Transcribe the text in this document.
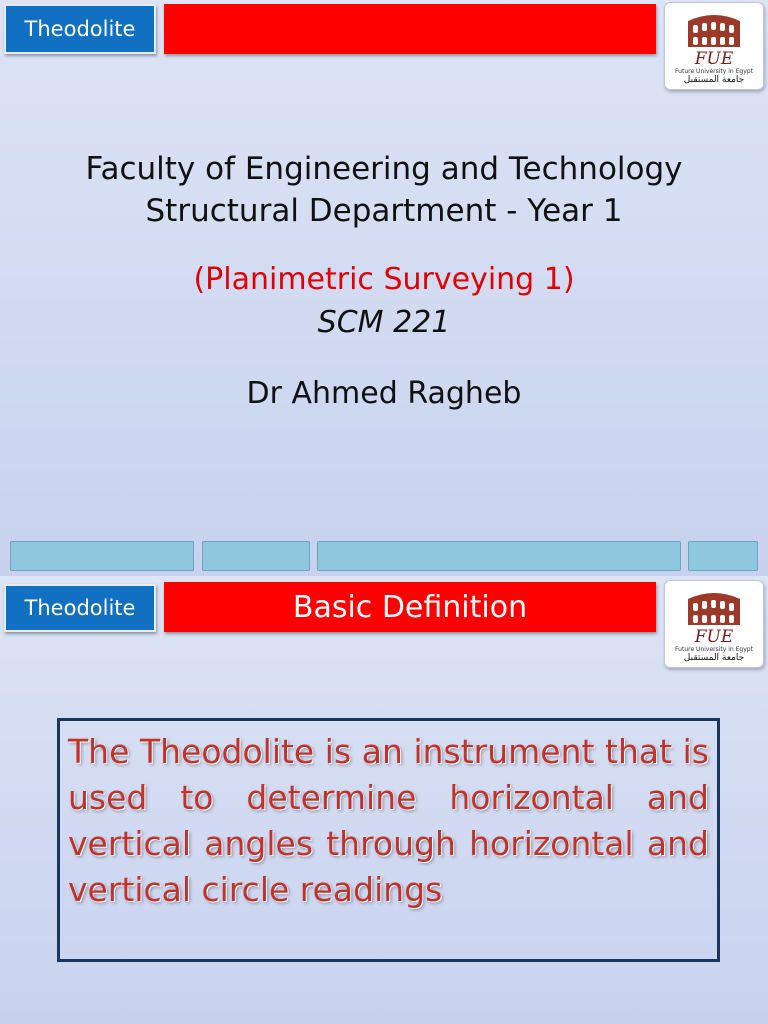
Theodolite
FUE
Future University in Egypt
جامعة المستقبل
Faculty of Engineering and Technology
Structural Department - Year 1
(Planimetric Surveying 1)
SCM 221
Dr Ahmed Ragheb
Theodolite	Basic Definition
FUE
Future University in Egypt
جامعة المستقبل

The Theodolite is an instrument that is used to determine horizontal and vertical angles through horizontal and vertical circle readings
